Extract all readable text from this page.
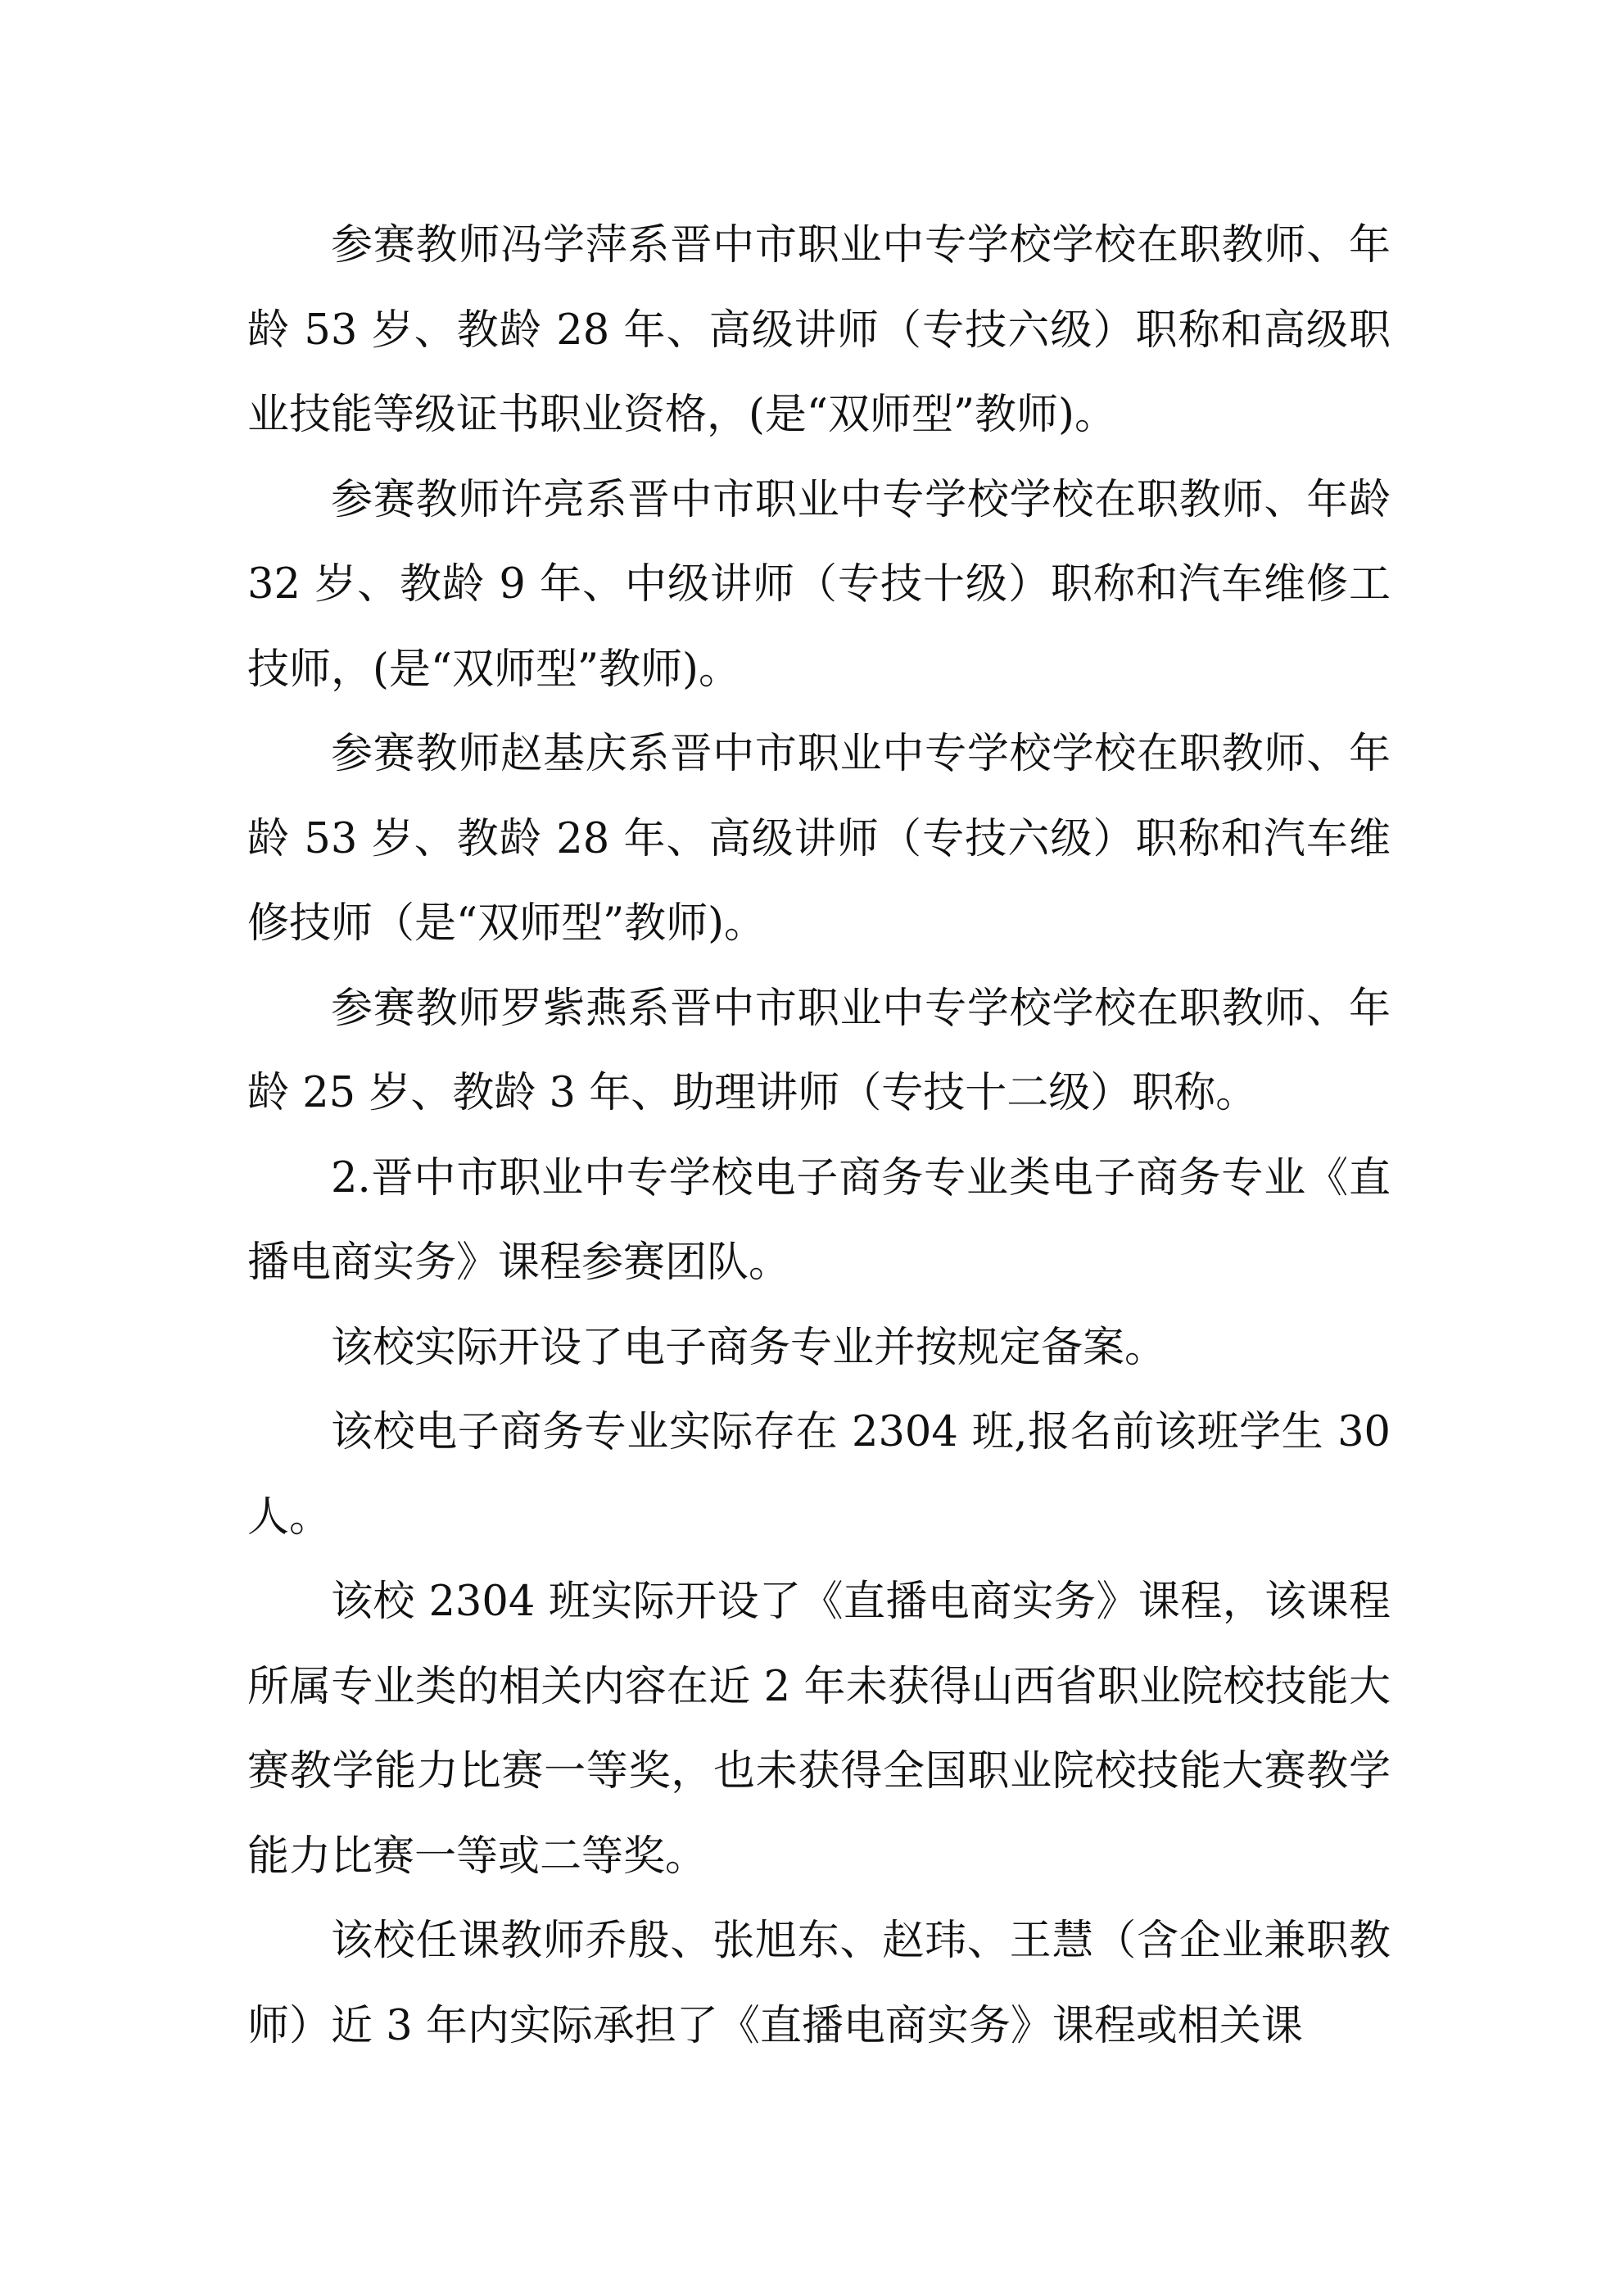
参赛教师冯学萍系晋中市职业中专学校学校在职教师、年龄 53 岁、教龄 28 年、高级讲师（专技六级）职称和高级职业技能等级证书职业资格，(是“双师型”教师)。

参赛教师许亮系晋中市职业中专学校学校在职教师、年龄 32 岁、教龄 9 年、中级讲师（专技十级）职称和汽车维修工技师，(是“双师型”教师)。

参赛教师赵基庆系晋中市职业中专学校学校在职教师、年龄 53 岁、教龄 28 年、高级讲师（专技六级）职称和汽车维修技师（是“双师型”教师)。

参赛教师罗紫燕系晋中市职业中专学校学校在职教师、年龄 25 岁、教龄 3 年、助理讲师（专技十二级）职称。

2.晋中市职业中专学校电子商务专业类电子商务专业《直播电商实务》课程参赛团队。

该校实际开设了电子商务专业并按规定备案。

该校电子商务专业实际存在 2304 班,报名前该班学生 30 人。

该校 2304 班实际开设了《直播电商实务》课程，该课程所属专业类的相关内容在近 2 年未获得山西省职业院校技能大赛教学能力比赛一等奖，也未获得全国职业院校技能大赛教学能力比赛一等或二等奖。

该校任课教师乔殷、张旭东、赵玮、王慧（含企业兼职教师）近 3 年内实际承担了《直播电商实务》课程或相关课
